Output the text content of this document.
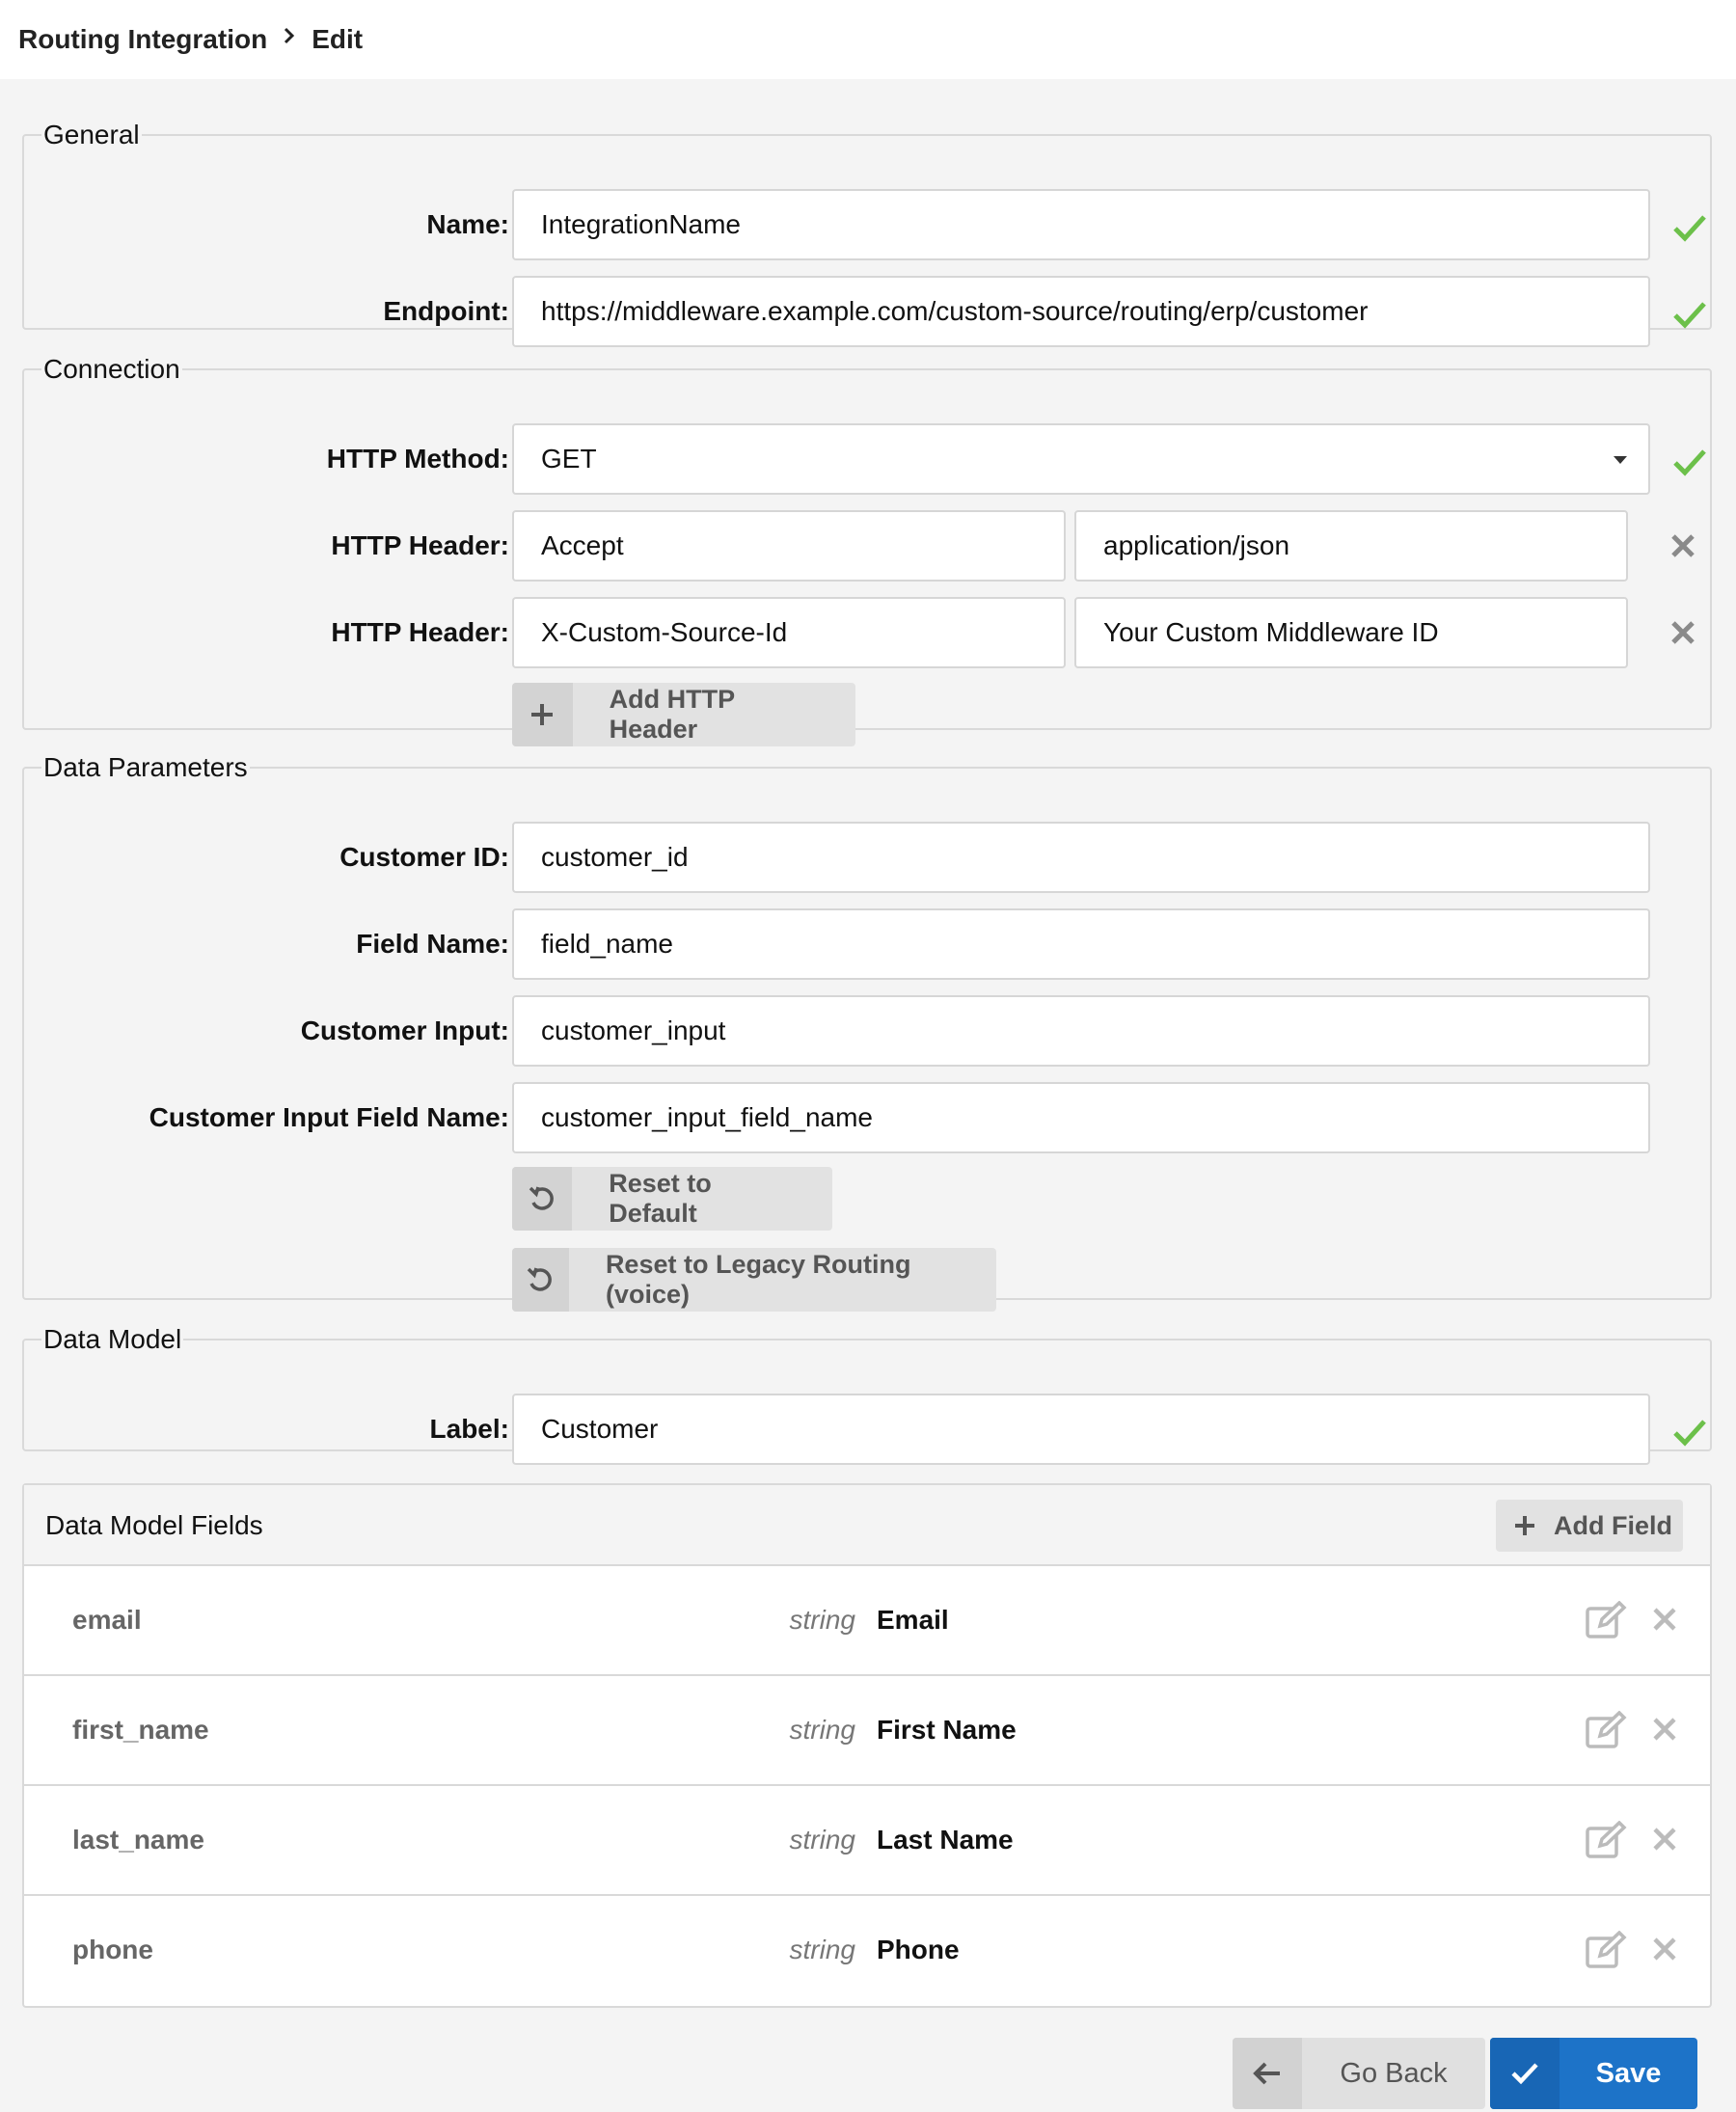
Routing Integration Edit
General
Name:	IntegrationName
Endpoint:	https://middleware.example.com/custom-source/routing/erp/customer
Connection
HTTP Method:	GET
HTTP Header:	Accept	application/json
HTTP Header:	X-Custom-Source-Id	Your Custom Middleware ID
Add HTTP Header
Data Parameters
Customer ID:	customer_id
Field Name:	field_name
Customer Input:	customer_input
Customer Input Field Name:	customer_input_field_name
Reset to Default
Reset to Legacy Routing (voice)
Data Model
Label:	Customer
Data Model Fields	Add Field
email	string Email
first_name	string First Name
last_name	string Last Name
phone	string Phone
Go Back	Save
